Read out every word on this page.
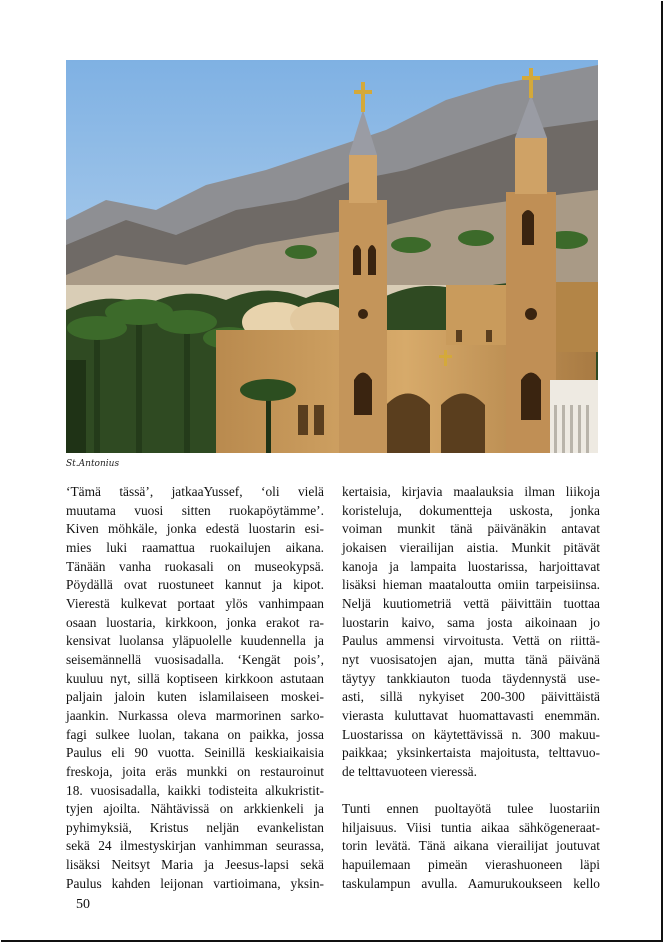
St.Antonius

‘Tämä tässä’, jatkaaYussef, ‘oli vielä
muutama vuosi sitten ruokapöytämme’.
Kiven möhkäle, jonka edestä luostarin esi-
mies luki raamattua ruokailujen aikana.
Tänään vanha ruokasali on museokypsä.
Pöydällä ovat ruostuneet kannut ja kipot.
Vierestä kulkevat portaat ylös vanhimpaan
osaan luostaria, kirkkoon, jonka erakot ra-
kensivat luolansa yläpuolelle kuudennella ja
seisemännellä vuosisadalla. ‘Kengät pois’,
kuuluu nyt, sillä koptiseen kirkkoon astutaan
paljain jaloin kuten islamilaiseen moskei-
jaankin. Nurkassa oleva marmorinen sarko-
fagi sulkee luolan, takana on paikka, jossa
Paulus eli 90 vuotta. Seinillä keskiaikaisia
freskoja, joita eräs munkki on restauroinut
18. vuosisadalla, kaikki todisteita alkukristit-
tyjen ajoilta. Nähtävissä on arkkienkeli ja
pyhimyksiä, Kristus neljän evankelistan
sekä 24 ilmestyskirjan vanhimman seurassa,
lisäksi Neitsyt Maria ja Jeesus-lapsi sekä
Paulus kahden leijonan vartioimana, yksin-

kertaisia, kirjavia maalauksia ilman liikoja
koristeluja, dokumentteja uskosta, jonka
voiman munkit tänä päivänäkin antavat
jokaisen vierailijan aistia. Munkit pitävät
kanoja ja lampaita luostarissa, harjoittavat
lisäksi hieman maataloutta omiin tarpeisiinsa.
Neljä kuutiometriä vettä päivittäin tuottaa
luostarin kaivo, sama josta aikoinaan jo
Paulus ammensi virvoitusta. Vettä on riittä-
nyt vuosisatojen ajan, mutta tänä päivänä
täytyy tankkiauton tuoda täydennystä use-
asti, sillä nykyiset 200-300 päivittäistä
vierasta kuluttavat huomattavasti enemmän.
Luostarissa on käytettävissä n. 300 makuu-
paikkaa; yksinkertaista majoitusta, telttavuo-
de telttavuoteen vieressä.

Tunti ennen puoltayötä tulee luostariin
hiljaisuus. Viisi tuntia aikaa sähkögeneraat-
torin levätä. Tänä aikana vierailijat joutuvat
hapuilemaan pimeän vierashuoneen läpi
taskulampun avulla. Aamurukoukseen kello

50
